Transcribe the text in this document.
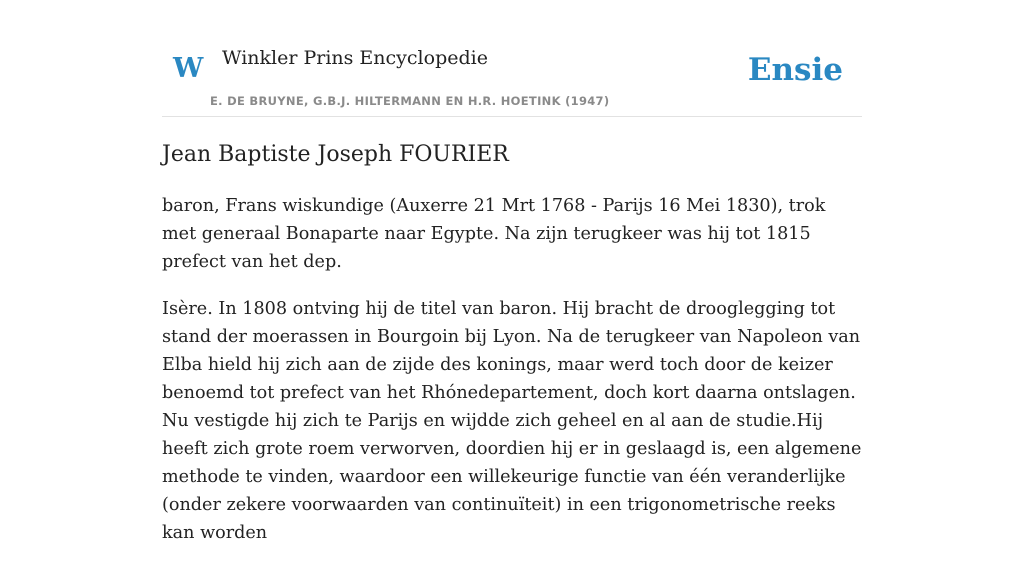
W Winkler Prins Encyclopedie
E. DE BRUYNE, G.B.J. HILTERMANN EN H.R. HOETINK (1947)
Ensie
Jean Baptiste Joseph FOURIER

baron, Frans wiskundige (Auxerre 21 Mrt 1768 - Parijs 16 Mei 1830), trok met generaal Bonaparte naar Egypte. Na zijn terugkeer was hij tot 1815 prefect van het dep.

Isère. In 1808 ontving hij de titel van baron. Hij bracht de drooglegging tot stand der moerassen in Bourgoin bij Lyon. Na de terugkeer van Napoleon van Elba hield hij zich aan de zijde des konings, maar werd toch door de keizer benoemd tot prefect van het Rhónedepartement, doch kort daarna ontslagen. Nu vestigde hij zich te Parijs en wijdde zich geheel en al aan de studie.Hij heeft zich grote roem verworven, doordien hij er in geslaagd is, een algemene methode te vinden, waardoor een willekeurige functie van één veranderlijke (onder zekere voorwaarden van continuïteit) in een trigonometrische reeks kan worden
